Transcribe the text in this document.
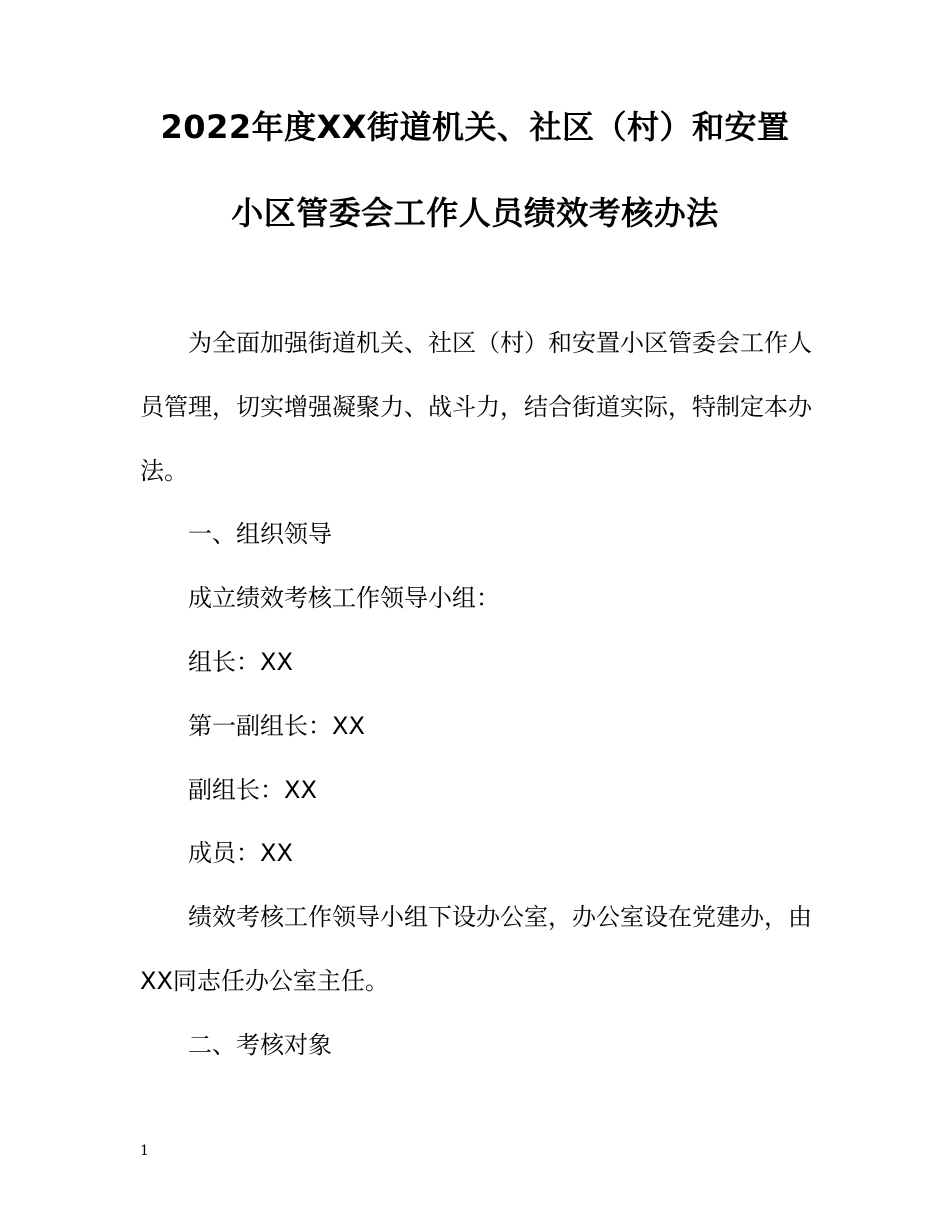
2022年度XX街道机关、社区（村）和安置
小区管委会工作人员绩效考核办法

为全面加强街道机关、社区（村）和安置小区管委会工作人员管理，切实增强凝聚力、战斗力，结合街道实际，特制定本办法。

一、组织领导

成立绩效考核工作领导小组：

组长：XX

第一副组长：XX

副组长：XX

成员：XX

绩效考核工作领导小组下设办公室，办公室设在党建办，由XX同志任办公室主任。

二、考核对象

1
